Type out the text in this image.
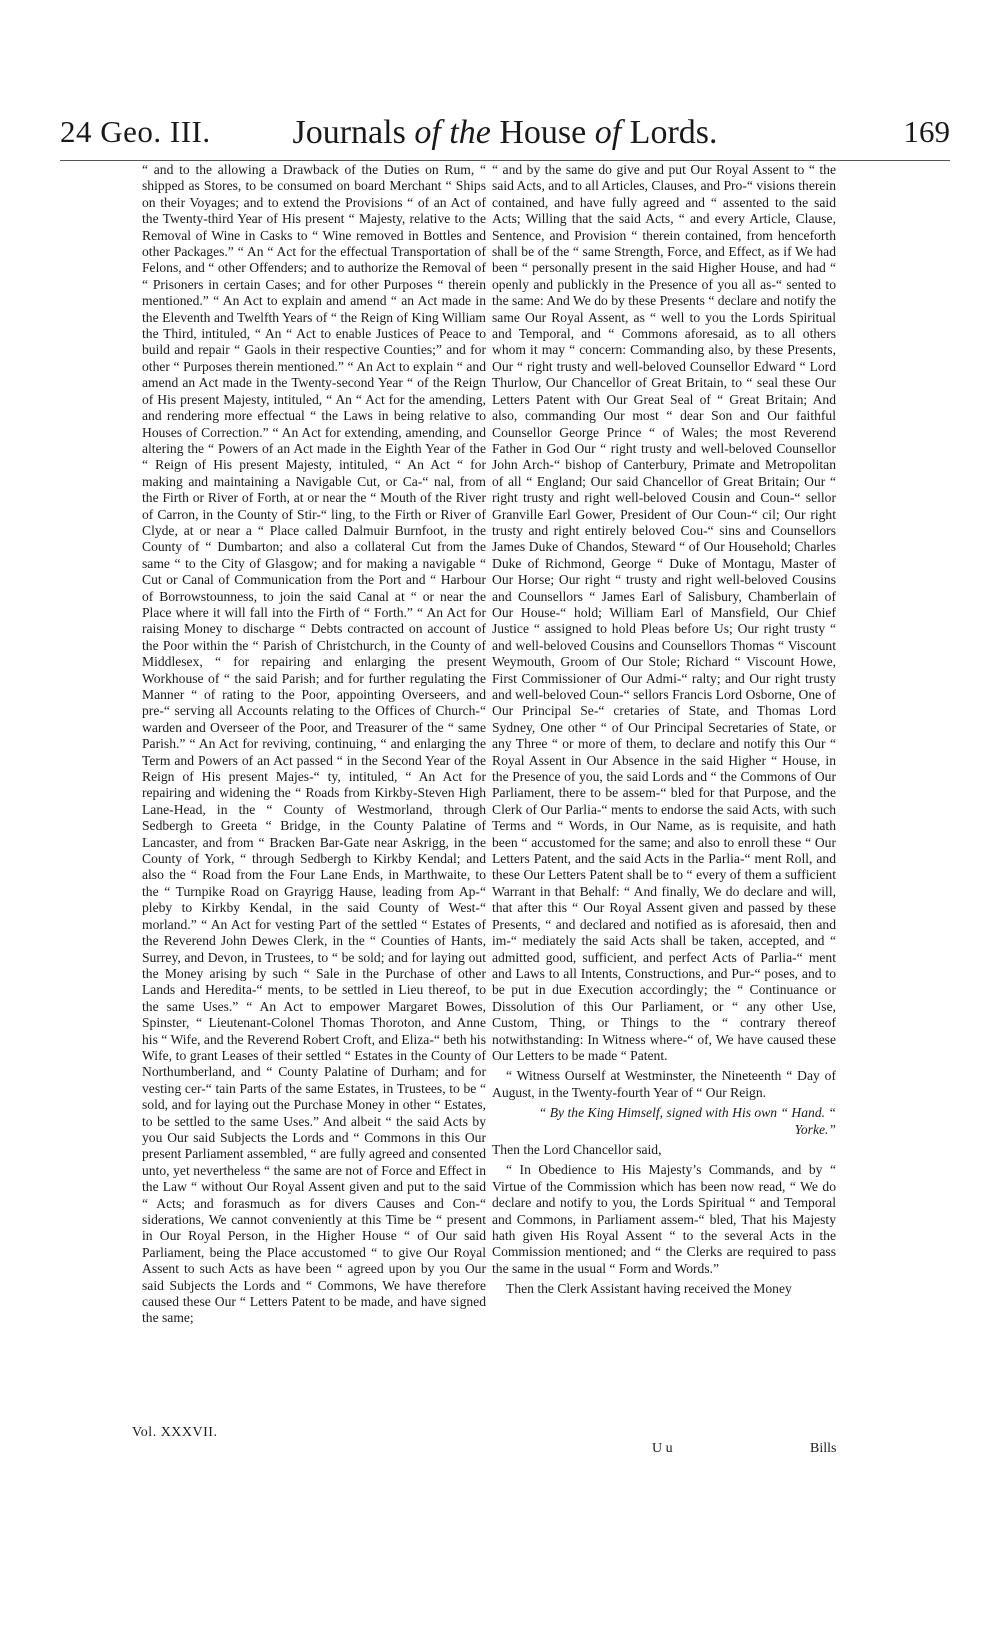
24 Geo. III.	Journals of the House of Lords.	169

“ and to the allowing a Drawback of the Duties on Rum, “ shipped as Stores, to be consumed on board Merchant “ Ships on their Voyages; and to extend the Provisions “ of an Act of the Twenty-third Year of His present “ Majesty, relative to the Removal of Wine in Casks to “ Wine removed in Bottles and other Packages.” “ An “ Act for the effectual Transportation of Felons, and “ other Offenders; and to authorize the Removal of “ Prisoners in certain Cases; and for other Purposes “ therein mentioned.” “ An Act to explain and amend “ an Act made in the Eleventh and Twelfth Years of “ the Reign of King William the Third, intituled, “ An “ Act to enable Justices of Peace to build and repair “ Gaols in their respective Counties;” and for other “ Purposes therein mentioned.” “ An Act to explain “ and amend an Act made in the Twenty-second Year “ of the Reign of His present Majesty, intituled, “ An “ Act for the amending, and rendering more effectual “ the Laws in being relative to Houses of Correction.” “ An Act for extending, amending, and altering the “ Powers of an Act made in the Eighth Year of the “ Reign of His present Majesty, intituled, “ An Act “ for making and maintaining a Navigable Cut, or Ca-“ nal, from the Firth or River of Forth, at or near the “ Mouth of the River of Carron, in the County of Stir-“ ling, to the Firth or River of Clyde, at or near a “ Place called Dalmuir Burnfoot, in the County of “ Dumbarton; and also a collateral Cut from the same “ to the City of Glasgow; and for making a navigable “ Cut or Canal of Communication from the Port and “ Harbour of Borrowstounness, to join the said Canal at “ or near the Place where it will fall into the Firth of “ Forth.” “ An Act for raising Money to discharge “ Debts contracted on account of the Poor within the “ Parish of Christchurch, in the County of Middlesex, “ for repairing and enlarging the present Workhouse of “ the said Parish; and for further regulating the Manner “ of rating to the Poor, appointing Overseers, and pre-“ serving all Accounts relating to the Offices of Church-“ warden and Overseer of the Poor, and Treasurer of the “ same Parish.” “ An Act for reviving, continuing, “ and enlarging the Term and Powers of an Act passed “ in the Second Year of the Reign of His present Majes-“ ty, intituled, “ An Act for repairing and widening the “ Roads from Kirkby-Steven High Lane-Head, in the “ County of Westmorland, through Sedbergh to Greeta “ Bridge, in the County Palatine of Lancaster, and from “ Bracken Bar-Gate near Askrigg, in the County of York, “ through Sedbergh to Kirkby Kendal; and also the “ Road from the Four Lane Ends, in Marthwaite, to the “ Turnpike Road on Grayrigg Hause, leading from Ap-“ pleby to Kirkby Kendal, in the said County of West-“ morland.” “ An Act for vesting Part of the settled “ Estates of the Reverend John Dewes Clerk, in the “ Counties of Hants, Surrey, and Devon, in Trustees, to “ be sold; and for laying out the Money arising by such “ Sale in the Purchase of other Lands and Heredita-“ ments, to be settled in Lieu thereof, to the same Uses.” “ An Act to empower Margaret Bowes, Spinster, “ Lieutenant-Colonel Thomas Thoroton, and Anne his “ Wife, and the Reverend Robert Croft, and Eliza-“ beth his Wife, to grant Leases of their settled “ Estates in the County of Northumberland, and “ County Palatine of Durham; and for vesting cer-“ tain Parts of the same Estates, in Trustees, to be “ sold, and for laying out the Purchase Money in other “ Estates, to be settled to the same Uses.” And albeit “ the said Acts by you Our said Subjects the Lords and “ Commons in this Our present Parliament assembled, “ are fully agreed and consented unto, yet nevertheless “ the same are not of Force and Effect in the Law “ without Our Royal Assent given and put to the said “ Acts; and forasmuch as for divers Causes and Con-“ siderations, We cannot conveniently at this Time be “ present in Our Royal Person, in the Higher House “ of Our said Parliament, being the Place accustomed “ to give Our Royal Assent to such Acts as have been “ agreed upon by you Our said Subjects the Lords and “ Commons, We have therefore caused these Our “ Letters Patent to be made, and have signed the same;

“ and by the same do give and put Our Royal Assent to “ the said Acts, and to all Articles, Clauses, and Pro-“ visions therein contained, and have fully agreed and “ assented to the said Acts; Willing that the said Acts, “ and every Article, Clause, Sentence, and Provision “ therein contained, from henceforth shall be of the “ same Strength, Force, and Effect, as if We had been “ personally present in the said Higher House, and had “ openly and publickly in the Presence of you all as-“ sented to the same: And We do by these Presents “ declare and notify the same Our Royal Assent, as “ well to you the Lords Spiritual and Temporal, and “ Commons aforesaid, as to all others whom it may “ concern: Commanding also, by these Presents, Our “ right trusty and well-beloved Counsellor Edward “ Lord Thurlow, Our Chancellor of Great Britain, to “ seal these Our Letters Patent with Our Great Seal of “ Great Britain; And also, commanding Our most “ dear Son and Our faithful Counsellor George Prince “ of Wales; the most Reverend Father in God Our “ right trusty and well-beloved Counsellor John Arch-“ bishop of Canterbury, Primate and Metropolitan of all “ England; Our said Chancellor of Great Britain; Our “ right trusty and right well-beloved Cousin and Coun-“ sellor Granville Earl Gower, President of Our Coun-“ cil; Our right trusty and right entirely beloved Cou-“ sins and Counsellors James Duke of Chandos, Steward “ of Our Household; Charles Duke of Richmond, George “ Duke of Montagu, Master of Our Horse; Our right “ trusty and right well-beloved Cousins and Counsellors “ James Earl of Salisbury, Chamberlain of Our House-“ hold; William Earl of Mansfield, Our Chief Justice “ assigned to hold Pleas before Us; Our right trusty “ and well-beloved Cousins and Counsellors Thomas “ Viscount Weymouth, Groom of Our Stole; Richard “ Viscount Howe, First Commissioner of Our Admi-“ ralty; and Our right trusty and well-beloved Coun-“ sellors Francis Lord Osborne, One of Our Principal Se-“ cretaries of State, and Thomas Lord Sydney, One other “ of Our Principal Secretaries of State, or any Three “ or more of them, to declare and notify this Our “ Royal Assent in Our Absence in the said Higher “ House, in the Presence of you, the said Lords and “ the Commons of Our Parliament, there to be assem-“ bled for that Purpose, and the Clerk of Our Parlia-“ ments to endorse the said Acts, with such Terms and “ Words, in Our Name, as is requisite, and hath been “ accustomed for the same; and also to enroll these “ Our Letters Patent, and the said Acts in the Parlia-“ ment Roll, and these Our Letters Patent shall be to “ every of them a sufficient Warrant in that Behalf: “ And finally, We do declare and will, that after this “ Our Royal Assent given and passed by these Presents, “ and declared and notified as is aforesaid, then and im-“ mediately the said Acts shall be taken, accepted, and “ admitted good, sufficient, and perfect Acts of Parlia-“ ment and Laws to all Intents, Constructions, and Pur-“ poses, and to be put in due Execution accordingly; the “ Continuance or Dissolution of this Our Parliament, or “ any other Use, Custom, Thing, or Things to the “ contrary thereof notwithstanding: In Witness where-“ of, We have caused these Our Letters to be made “ Patent.

“ Witness Ourself at Westminster, the Nineteenth “ Day of August, in the Twenty-fourth Year of “ Our Reign.

“ By the King Himself, signed with His own “ Hand. “ Yorke.”

Then the Lord Chancellor said,

“ In Obedience to His Majesty’s Commands, and by “ Virtue of the Commission which has been now read, “ We do declare and notify to you, the Lords Spiritual “ and Temporal and Commons, in Parliament assem-“ bled, That his Majesty hath given His Royal Assent “ to the several Acts in the Commission mentioned; and “ the Clerks are required to pass the same in the usual “ Form and Words.”

Then the Clerk Assistant having received the Money

Vol. XXXVII.
U u	Bills
